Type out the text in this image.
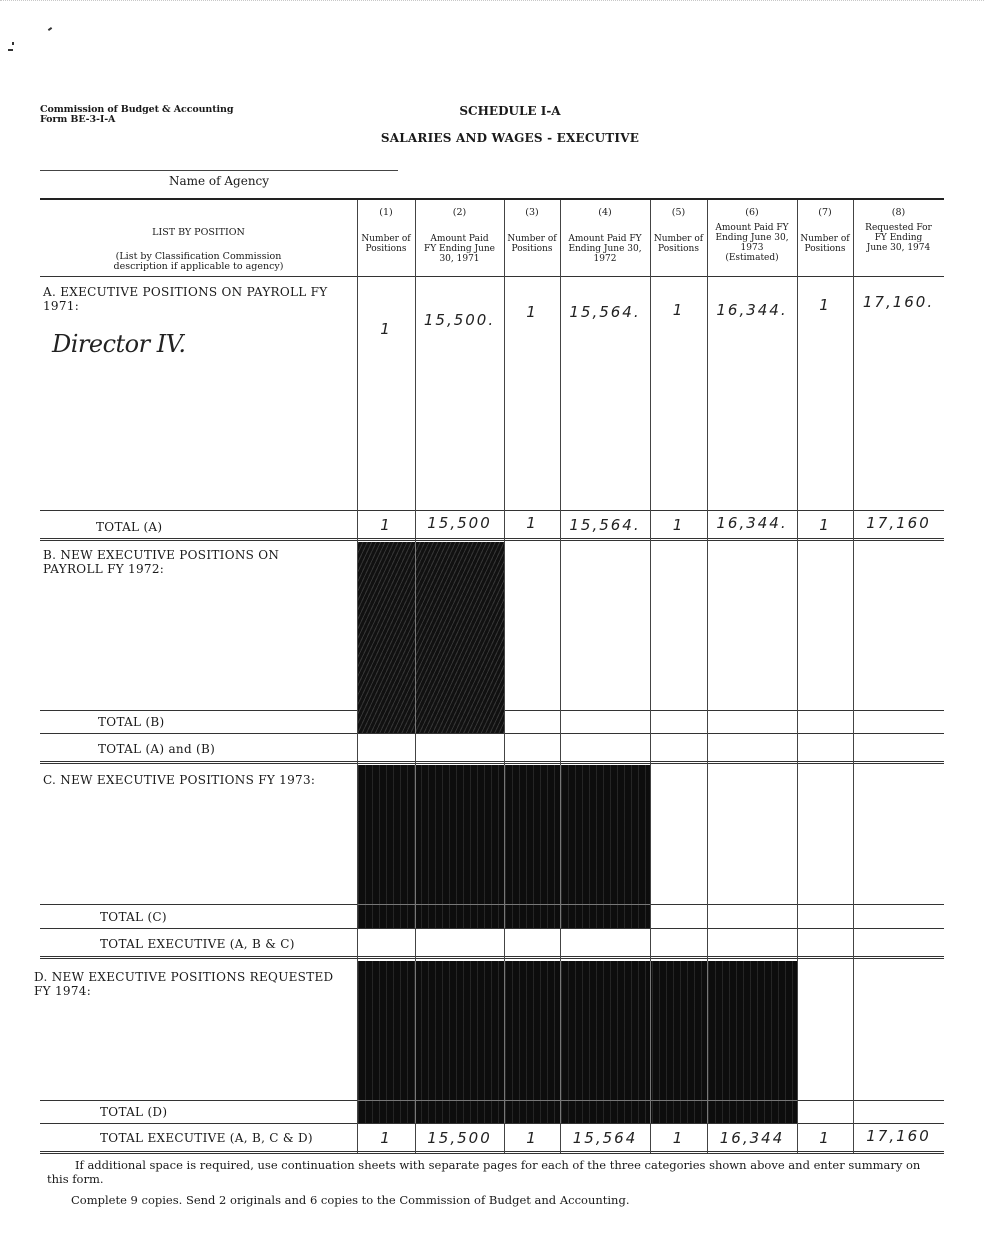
Commission of Budget & Accounting
Form BE-3-I-A
SCHEDULE I-A
SALARIES AND WAGES - EXECUTIVE
Name of Agency
LIST BY POSITION
(List by Classification Commission description if applicable to agency)
(1)
Number of Positions
(2)
Amount Paid FY Ending June 30, 1971
(3)
Number of Positions
(4)
Amount Paid FY Ending June 30, 1972
(5)
Number of Positions
(6)
Amount Paid FY Ending June 30, 1973 (Estimated)
(7)
Number of Positions
(8)
Requested For FY Ending June 30, 1974
A. EXECUTIVE POSITIONS ON PAYROLL FY 1971:
Director IV.
1	15,500.	1	15,564.	1	16,344.	1	17,160.
TOTAL (A)	1	15,500	1	15,564.	1	16,344.	1	17,160
B. NEW EXECUTIVE POSITIONS ON PAYROLL FY 1972:
TOTAL (B)
TOTAL (A) and (B)
C. NEW EXECUTIVE POSITIONS FY 1973:
TOTAL (C)
TOTAL EXECUTIVE (A, B & C)
D. NEW EXECUTIVE POSITIONS REQUESTED FY 1974:
TOTAL (D)
TOTAL EXECUTIVE (A, B, C & D)	1	15,500	1	15,564	1	16,344	1	17,160
If additional space is required, use continuation sheets with separate pages for each of the three categories shown above and enter summary on this form.
Complete 9 copies. Send 2 originals and 6 copies to the Commission of Budget and Accounting.
